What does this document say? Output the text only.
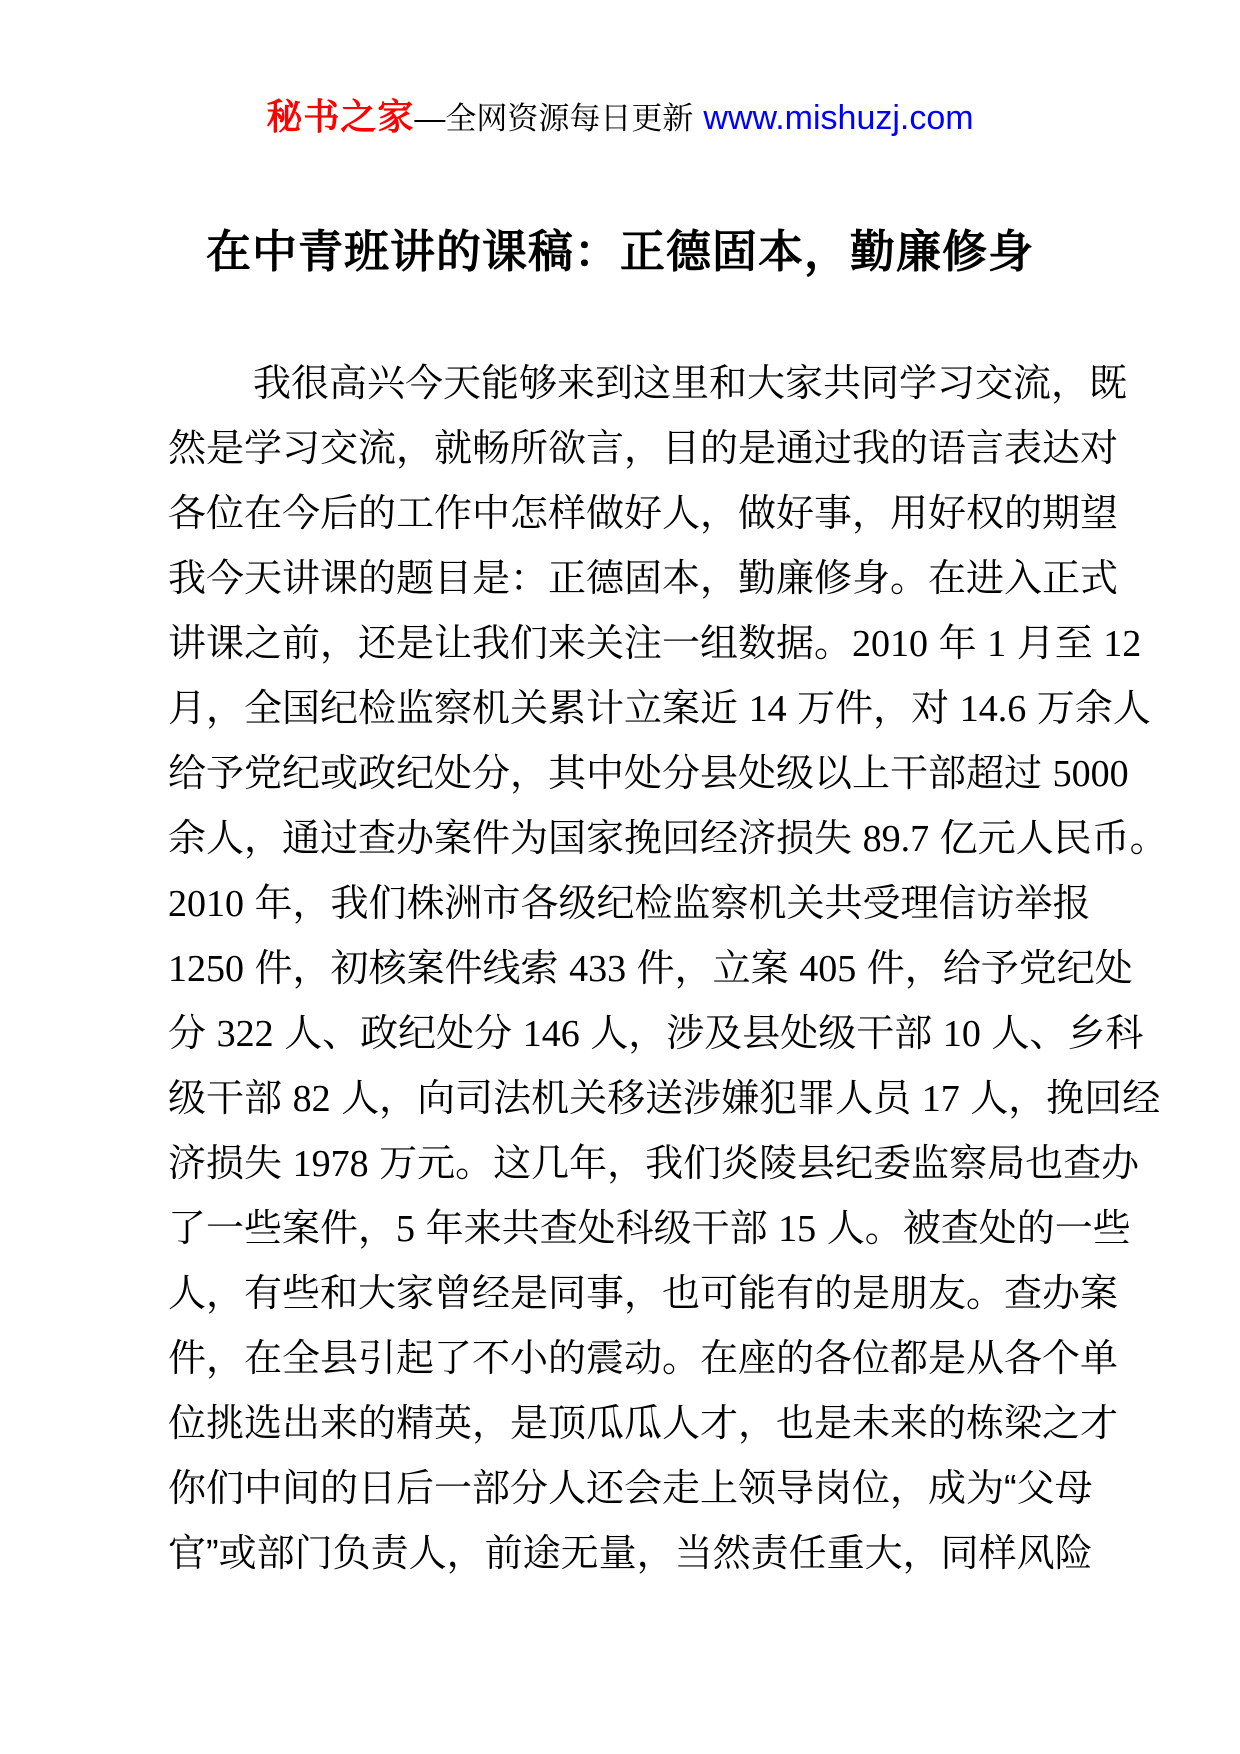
秘书之家—全网资源每日更新 www.mishuzj.com
在中青班讲的课稿：正德固本，勤廉修身
我很高兴今天能够来到这里和大家共同学习交流，既
然是学习交流，就畅所欲言，目的是通过我的语言表达对
各位在今后的工作中怎样做好人，做好事，用好权的期望
我今天讲课的题目是：正德固本，勤廉修身。在进入正式
讲课之前，还是让我们来关注一组数据。2010 年 1 月至 12
月，全国纪检监察机关累计立案近 14 万件，对 14.6 万余人
给予党纪或政纪处分，其中处分县处级以上干部超过 5000
余人，通过查办案件为国家挽回经济损失 89.7 亿元人民币。
2010 年，我们株洲市各级纪检监察机关共受理信访举报
1250 件，初核案件线索 433 件，立案 405 件，给予党纪处
分 322 人、政纪处分 146 人，涉及县处级干部 10 人、乡科
级干部 82 人，向司法机关移送涉嫌犯罪人员 17 人，挽回经
济损失 1978 万元。这几年，我们炎陵县纪委监察局也查办
了一些案件，5 年来共查处科级干部 15 人。被查处的一些
人，有些和大家曾经是同事，也可能有的是朋友。查办案
件，在全县引起了不小的震动。在座的各位都是从各个单
位挑选出来的精英，是顶瓜瓜人才，也是未来的栋梁之才
你们中间的日后一部分人还会走上领导岗位，成为“父母
官”或部门负责人，前途无量，当然责任重大，同样风险
